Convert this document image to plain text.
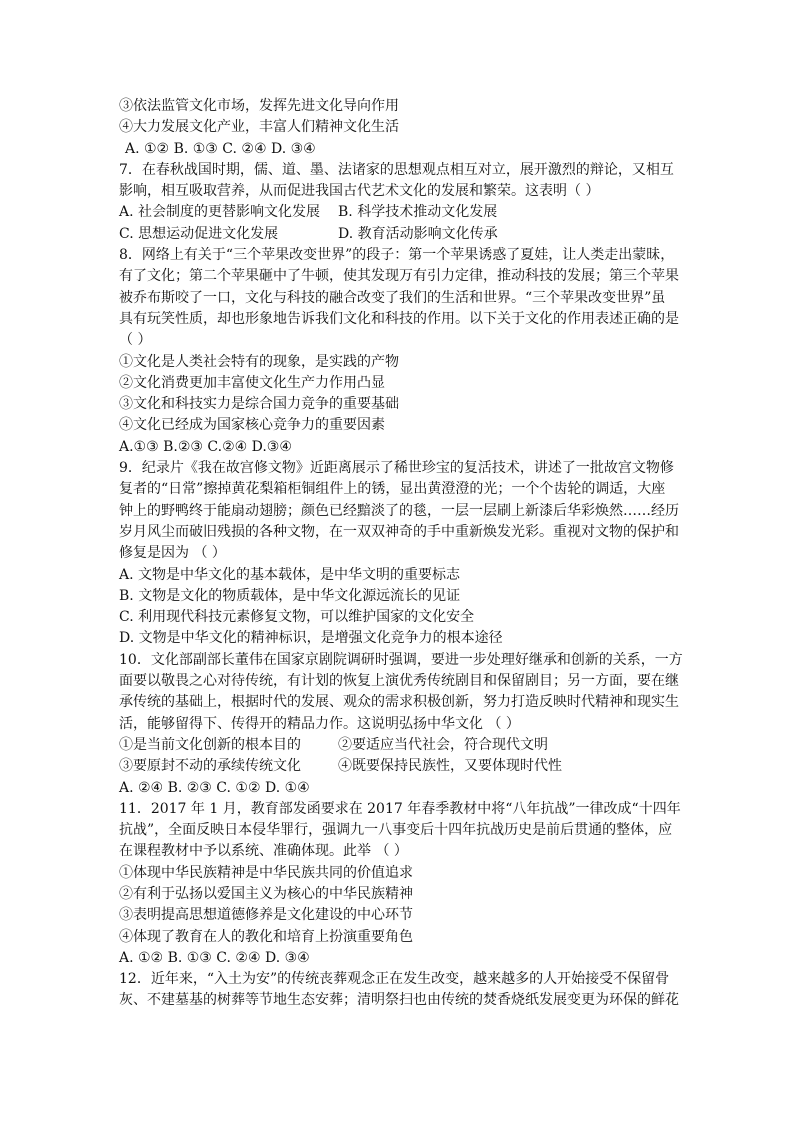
③依法监管文化市场，发挥先进文化导向作用
④大力发展文化产业，丰富人们精神文化生活
A. ①② B. ①③ C. ②④ D. ③④
7．在春秋战国时期，儒、道、墨、法诸家的思想观点相互对立，展开激烈的辩论，又相互
影响，相互吸取营养，从而促进我国古代艺术文化的发展和繁荣。这表明（ ）
A. 社会制度的更替影响文化发展	B. 科学技术推动文化发展
C. 思想运动促进文化发展	D. 教育活动影响文化传承
8．网络上有关于“三个苹果改变世界”的段子：第一个苹果诱惑了夏娃，让人类走出蒙昧，
有了文化；第二个苹果砸中了牛顿，使其发现万有引力定律，推动科技的发展；第三个苹果
被乔布斯咬了一口，文化与科技的融合改变了我们的生活和世界。“三个苹果改变世界”虽
具有玩笑性质，却也形象地告诉我们文化和科技的作用。以下关于文化的作用表述正确的是
（ ）
①文化是人类社会特有的现象，是实践的产物
②文化消费更加丰富使文化生产力作用凸显
③文化和科技实力是综合国力竞争的重要基础
④文化已经成为国家核心竞争力的重要因素
A.①③ B.②③ C.②④ D.③④
9．纪录片《我在故宫修文物》近距离展示了稀世珍宝的复活技术，讲述了一批故宫文物修
复者的“日常”擦掉黄花梨箱柜铜组件上的锈，显出黄澄澄的光；一个个齿轮的调适，大座
钟上的野鸭终于能扇动翅膀；颜色已经黯淡了的毯，一层一层刷上新漆后华彩焕然……经历
岁月风尘而破旧残损的各种文物，在一双双神奇的手中重新焕发光彩。重视对文物的保护和
修复是因为 （ ）
A. 文物是中华文化的基本载体，是中华文明的重要标志
B. 文物是文化的物质载体，是中华文化源远流长的见证
C. 利用现代科技元素修复文物，可以维护国家的文化安全
D. 文物是中华文化的精神标识，是增强文化竞争力的根本途径
10．文化部副部长董伟在国家京剧院调研时强调，要进一步处理好继承和创新的关系，一方
面要以敬畏之心对待传统，有计划的恢复上演优秀传统剧目和保留剧目；另一方面，要在继
承传统的基础上，根据时代的发展、观众的需求积极创新，努力打造反映时代精神和现实生
活，能够留得下、传得开的精品力作。这说明弘扬中华文化 （ ）
①是当前文化创新的根本目的	②要适应当代社会，符合现代文明
③要原封不动的承续传统文化	④既要保持民族性，又要体现时代性
A. ②④ B. ②③ C. ①② D. ①④
11．2017 年 1 月，教育部发函要求在 2017 年春季教材中将“八年抗战”一律改成“十四年
抗战”，全面反映日本侵华罪行，强调九一八事变后十四年抗战历史是前后贯通的整体，应
在课程教材中予以系统、准确体现。此举 （ ）
①体现中华民族精神是中华民族共同的价值追求
②有利于弘扬以爱国主义为核心的中华民族精神
③表明提高思想道德修养是文化建设的中心环节
④体现了教育在人的教化和培育上扮演重要角色
A. ①② B. ①③ C. ②④ D. ③④
12．近年来，“入土为安”的传统丧葬观念正在发生改变，越来越多的人开始接受不保留骨
灰、不建墓基的树葬等节地生态安葬；清明祭扫也由传统的焚香烧纸发展变更为环保的鲜花
